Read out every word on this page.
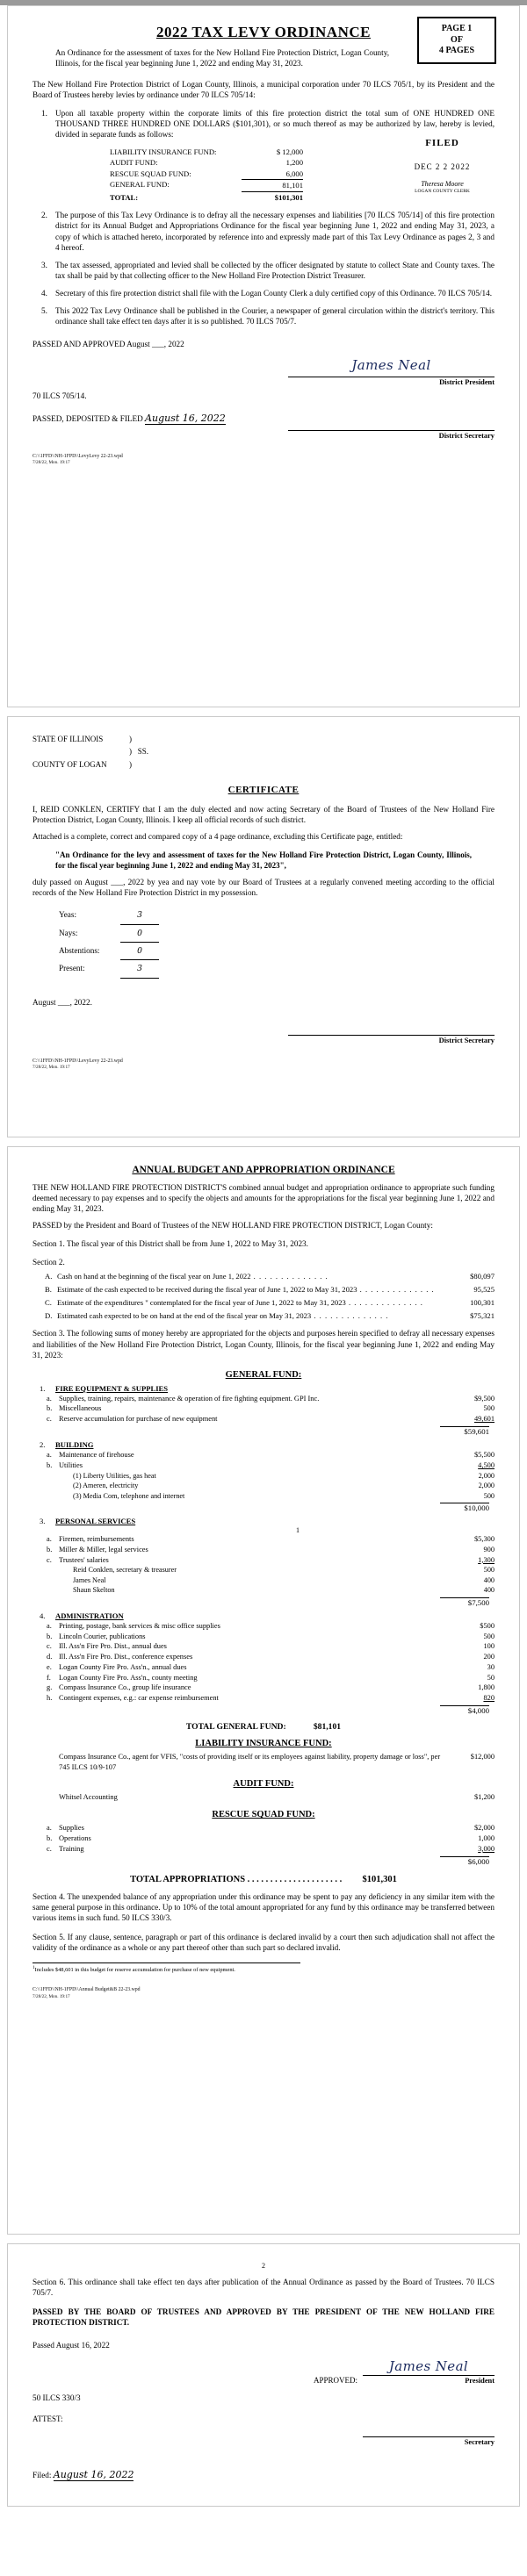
PAGE 1
OF
4 PAGES
2022 TAX LEVY ORDINANCE

An Ordinance for the assessment of taxes for the New Holland Fire Protection District, Logan County, Illinois, for the fiscal year beginning June 1, 2022 and ending May 31, 2023.

The New Holland Fire Protection District of Logan County, Illinois, a municipal corporation under 70 ILCS 705/1, by its President and the Board of Trustees hereby levies by ordinance under 70 ILCS 705/14:

1. Upon all taxable property within the corporate limits of this fire protection district the total sum of ONE HUNDRED ONE THOUSAND THREE HUNDRED ONE DOLLARS ($101,301), or so much thereof as may be authorized by law, hereby is levied, divided in separate funds as follows:
LIABILITY INSURANCE FUND:	$ 12,000
AUDIT FUND:	1,200
RESCUE SQUAD FUND:	6,000
GENERAL FUND:	81,101
TOTAL:	$101,301
FILED
DEC 2 2 2022
Theresa Moore
LOGAN COUNTY CLERK
2. The purpose of this Tax Levy Ordinance is to defray all the necessary expenses and liabilities [70 ILCS 705/14] of this fire protection district for its Annual Budget and Appropriations Ordinance for the fiscal year beginning June 1, 2022 and ending May 31, 2023, a copy of which is attached hereto, incorporated by reference into and expressly made part of this Tax Levy Ordinance as pages 2, 3 and 4 hereof.
3. The tax assessed, appropriated and levied shall be collected by the officer designated by statute to collect State and County taxes. The tax shall be paid by that collecting officer to the New Holland Fire Protection District Treasurer.
4. Secretary of this fire protection district shall file with the Logan County Clerk a duly certified copy of this Ordinance. 70 ILCS 705/14.
5. This 2022 Tax Levy Ordinance shall be published in the Courier, a newspaper of general circulation within the district's territory. This ordinance shall take effect ten days after it is so published. 70 ILCS 705/7.
PASSED AND APPROVED August ___, 2022
James Neal
District President
70 ILCS 705/14.
PASSED, DEPOSITED & FILED August 16, 2022

District Secretary
C:\\1FFD\\NH-1FPD\\LevyLevy 22-23.wpd
7/28/22, Mon. 19:17
STATE OF ILLINOIS	)
)   SS.
COUNTY OF LOGAN	)
CERTIFICATE

I, REID CONKLEN, CERTIFY that I am the duly elected and now acting Secretary of the Board of Trustees of the New Holland Fire Protection District, Logan County, Illinois. I keep all official records of such district.

Attached is a complete, correct and compared copy of a 4 page ordinance, excluding this Certificate page, entitled:

"An Ordinance for the levy and assessment of taxes for the New Holland Fire Protection District, Logan County, Illinois, for the fiscal year beginning June 1, 2022 and ending May 31, 2023",

duly passed on August ___, 2022 by yea and nay vote by our Board of Trustees at a regularly convened meeting according to the official records of the New Holland Fire Protection District in my possession.

Yeas:	3
Nays:	0
Abstentions:	0
Present:	3
August ___, 2022.

District Secretary
C:\\1FFD\\NH-1FPD\\LevyLevy 22-23.wpd
7/28/22, Mon. 19:17
ANNUAL BUDGET AND APPROPRIATION ORDINANCE

THE NEW HOLLAND FIRE PROTECTION DISTRICT'S combined annual budget and appropriation ordinance to appropriate such funding deemed necessary to pay expenses and to specify the objects and amounts for the appropriations for the fiscal year beginning June 1, 2022 and ending May 31, 2023.

PASSED by the President and Board of Trustees of the NEW HOLLAND FIRE PROTECTION DISTRICT, Logan County:

Section 1. The fiscal year of this District shall be from June 1, 2022 to May 31, 2023.

Section 2.

A. Cash on hand at the beginning of the fiscal year on June 1, 2022 . . . . . . . . . . . . . .	$80,097
B. Estimate of the cash expected to be received during the fiscal year of June 1, 2022 to May 31, 2023 . . . . . . . . . . . . . .	95,525
C. Estimate of the expenditures " contemplated for the fiscal year of June 1, 2022 to May 31, 2023 . . . . . . . . . . . . . .	100,301
D. Estimated cash expected to be on hand at the end of the fiscal year on May 31, 2023 . . . . . . . . . . . . . .	$75,321

Section 3. The following sums of money hereby are appropriated for the objects and purposes herein specified to defray all necessary expenses and liabilities of the New Holland Fire Protection District, Logan County, Illinois, for the fiscal year beginning June 1, 2022 and ending May 31, 2023:

GENERAL FUND:
1.	FIRE EQUIPMENT & SUPPLIES
a. Supplies, training, repairs, maintenance & operation of fire fighting equipment. GPI Inc.	$9,500
b. Miscellaneous	500
c. Reserve accumulation for purchase of new equipment	49,601
$59,601
2.	BUILDING
a. Maintenance of firehouse	$5,500
b. Utilities	4,500
(1) Liberty Utilities, gas heat	2,000
(2) Ameren, electricity	2,000
(3) Media Com, telephone and internet	500
$10,000
3.	PERSONAL SERVICES
1
a. Firemen, reimbursements	$5,300
b. Miller & Miller, legal services	900
c. Trustees' salaries	1,300
Reid Conklen, secretary & treasurer	500
James Neal	400
Shaun Skelton	400
$7,500
4.	ADMINISTRATION
a. Printing, postage, bank services & misc office supplies	$500
b. Lincoln Courier, publications	500
c. Ill. Ass'n Fire Pro. Dist., annual dues	100
d. Ill. Ass'n Fire Pro. Dist., conference expenses	200
e. Logan County Fire Pro. Ass'n., annual dues	30
f.	Logan County Fire Pro. Ass'n., county meeting	50
g. Compass Insurance Co., group life insurance	1,800
h. Contingent expenses, e.g.: car expense reimbursement	820
$4,000
TOTAL GENERAL FUND:	$81,101
LIABILITY INSURANCE FUND:
Compass Insurance Co., agent for VFIS, "costs of providing itself or its employees against liability, property damage or loss", per 745 ILCS 10/9-107
$12,000
AUDIT FUND:
Whitsel Accounting	$1,200
RESCUE SQUAD FUND:
a. Supplies	$2,000
b. Operations	1,000
c. Training	3,000
$6,000
TOTAL APPROPRIATIONS . . . . . . . . . . . . . . . . . . . . . $101,301

Section 4. The unexpended balance of any appropriation under this ordinance may be spent to pay any deficiency in any similar item with the same general purpose in this ordinance. Up to 10% of the total amount appropriated for any fund by this ordinance may be transferred between various items in such fund. 50 ILCS 330/3.

Section 5. If any clause, sentence, paragraph or part of this ordinance is declared invalid by a court then such adjudication shall not affect the validity of the ordinance as a whole or any part thereof other than such part so declared invalid.

$^1$Includes $48,601 in this budget for reserve accumulation for purchase of new equipment.
C:\\1FFD\\NH-1FPD\\Annual Budget&B 22-23.wpd
7/28/22, Mon. 19:17
2

Section 6. This ordinance shall take effect ten days after publication of the Annual Ordinance as passed by the Board of Trustees. 70 ILCS 705/7.

PASSED BY THE BOARD OF TRUSTEES AND APPROVED BY THE PRESIDENT OF THE NEW HOLLAND FIRE PROTECTION DISTRICT.

Passed August 16, 2022
APPROVED:
James Neal
President
50 ILCS 330/3
ATTEST:

Secretary
Filed: August 16, 2022
